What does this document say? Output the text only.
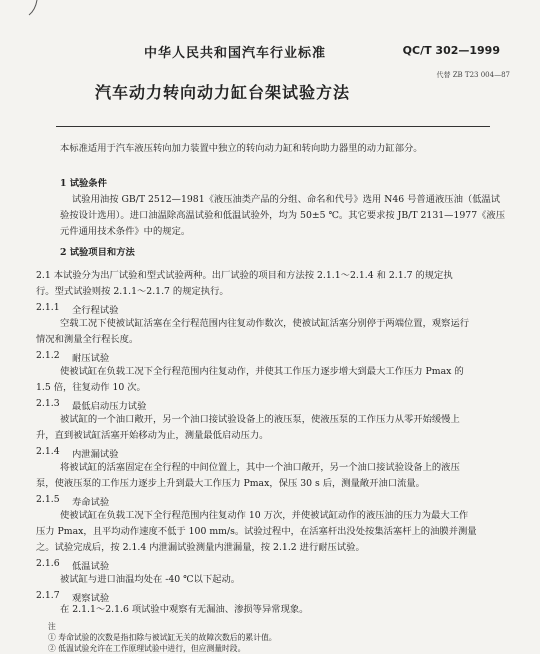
中华人民共和国汽车行业标准	QC/T 302—1999
代替 ZB T23 004—87
汽车动力转向动力缸台架试验方法
本标准适用于汽车液压转向加力装置中独立的转向动力缸和转向助力器里的动力缸部分。
1 试验条件
试验用油按 GB/T 2512—1981《液压油类产品的分组、命名和代号》选用 N46 号普通液压油（低温试
验按设计选用）。进口油温除高温试验和低温试验外，均为 50±5 ℃。其它要求按 JB/T 2131—1977《液压
元件通用技术条件》中的规定。
2 试验项目和方法
2.1 本试验分为出厂试验和型式试验两种。出厂试验的项目和方法按 2.1.1～2.1.4 和 2.1.7 的规定执
行。型式试验则按 2.1.1～2.1.7 的规定执行。
2.1.1 全行程试验
空载工况下使被试缸活塞在全行程范围内往复动作数次，使被试缸活塞分别停于两端位置，观察运行
情况和测量全行程长度。
2.1.2 耐压试验
使被试缸在负载工况下全行程范围内往复动作，并使其工作压力逐步增大到最大工作压力 Pmax 的
1.5 倍，往复动作 10 次。
2.1.3 最低启动压力试验
被试缸的一个油口敞开，另一个油口接试验设备上的液压泵，使液压泵的工作压力从零开始缓慢上
升，直到被试缸活塞开始移动为止，测量最低启动压力。
2.1.4 内泄漏试验
将被试缸的活塞固定在全行程的中间位置上，其中一个油口敞开，另一个油口接试验设备上的液压
泵，使液压泵的工作压力逐步上升到最大工作压力 Pmax，保压 30 s 后，测量敞开油口流量。
2.1.5 寿命试验
使被试缸在负载工况下全行程范围内往复动作 10 万次，并使被试缸动作的液压油的压力为最大工作
压力 Pmax，且平均动作速度不低于 100 mm/s。试验过程中，在活塞杆出没处按集活塞杆上的油膜并测量
之。试验完成后，按 2.1.4 内泄漏试验测量内泄漏量，按 2.1.2 进行耐压试验。
2.1.6 低温试验
被试缸与进口油温均处在 -40 ℃以下起动。
2.1.7 观察试验
在 2.1.1～2.1.6 项试验中观察有无漏油、渗损等异常现象。
注
① 寿命试验的次数是指扣除与被试缸无关的故障次数后的累计值。
② 低温试验允许在工作原理试验中进行，但应测量时段。
